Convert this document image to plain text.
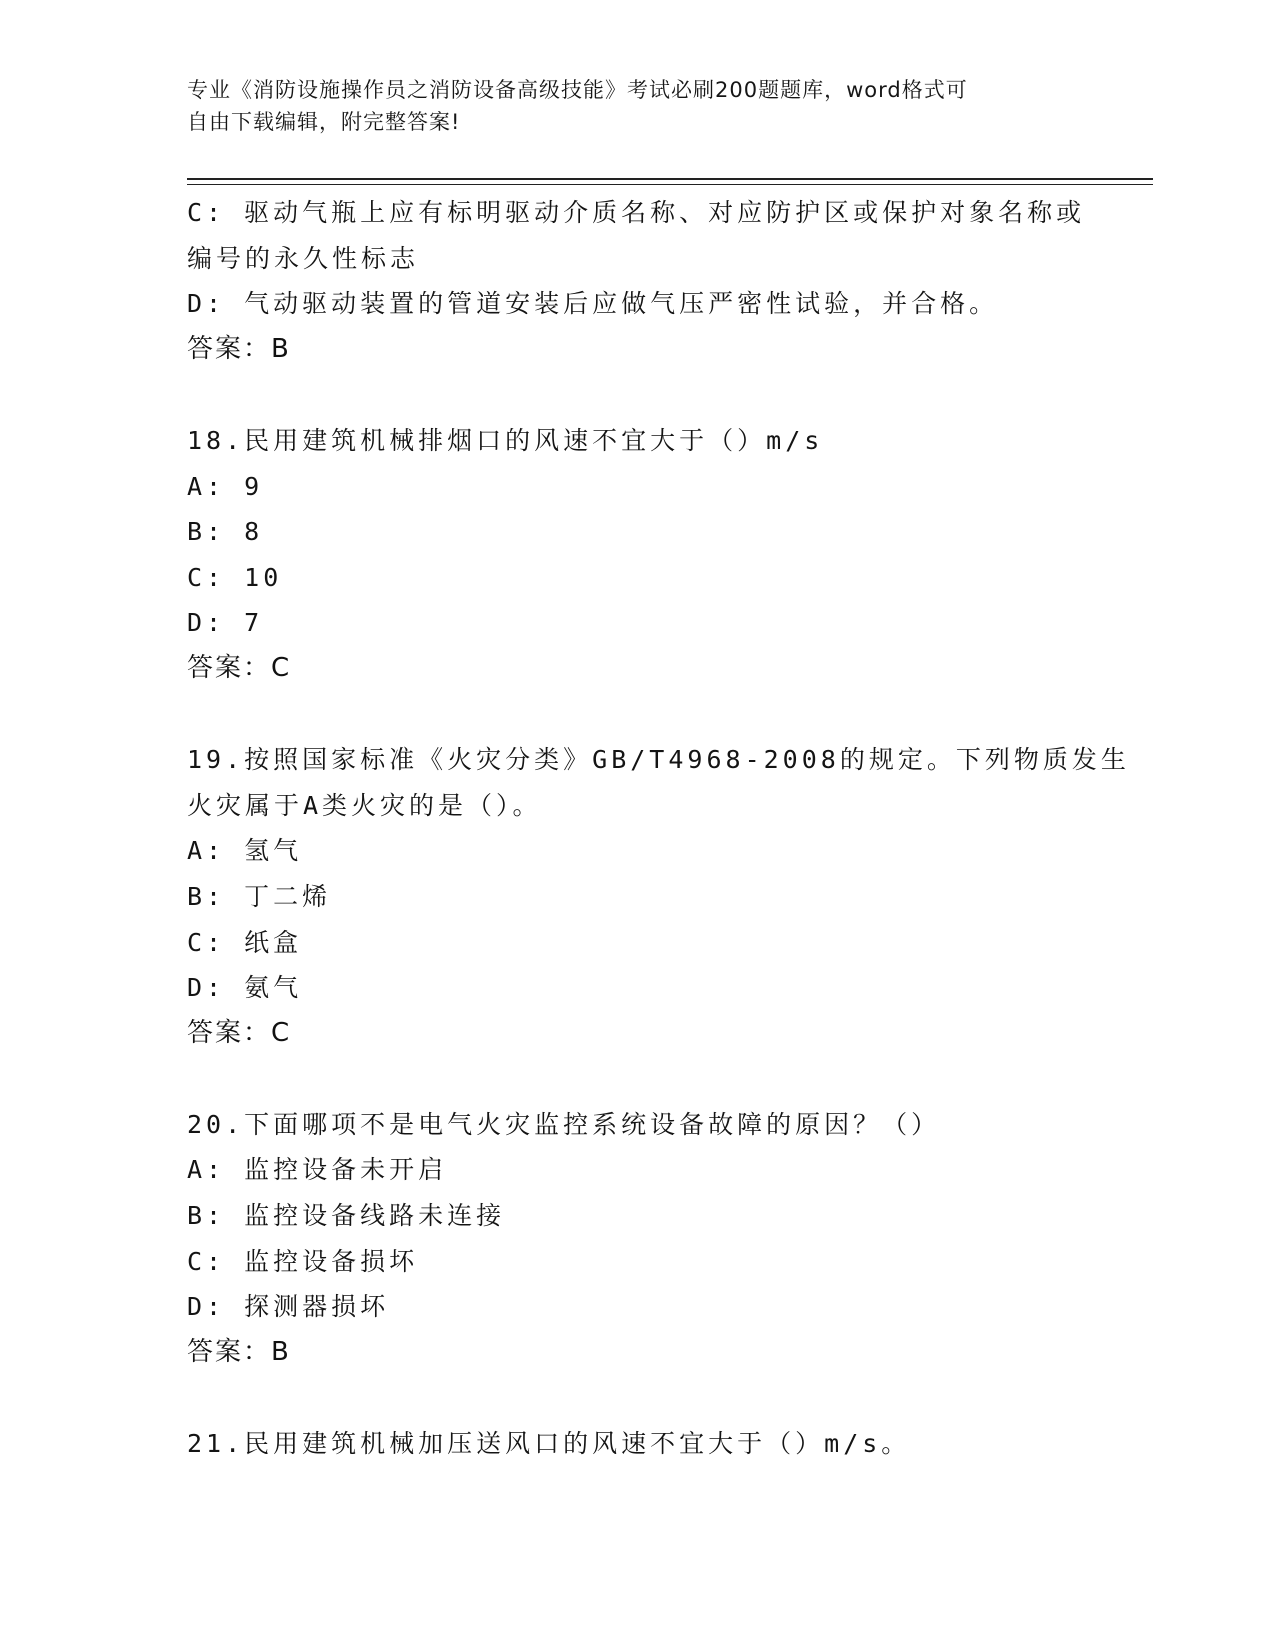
专业《消防设施操作员之消防设备高级技能》考试必刷200题题库，word格式可
自由下载编辑，附完整答案!
C: 驱动气瓶上应有标明驱动介质名称、对应防护区或保护对象名称或
编号的永久性标志
D: 气动驱动装置的管道安装后应做气压严密性试验，并合格。
答案：B
18.民用建筑机械排烟口的风速不宜大于（）m/s
A: 9
B: 8
C: 10
D: 7
答案：C
19.按照国家标准《火灾分类》GB/T4968-2008的规定。下列物质发生
火灾属于A类火灾的是（）。
A: 氢气
B: 丁二烯
C: 纸盒
D: 氨气
答案：C
20.下面哪项不是电气火灾监控系统设备故障的原因？（）
A: 监控设备未开启
B: 监控设备线路未连接
C: 监控设备损坏
D: 探测器损坏
答案：B
21.民用建筑机械加压送风口的风速不宜大于（）m/s。
